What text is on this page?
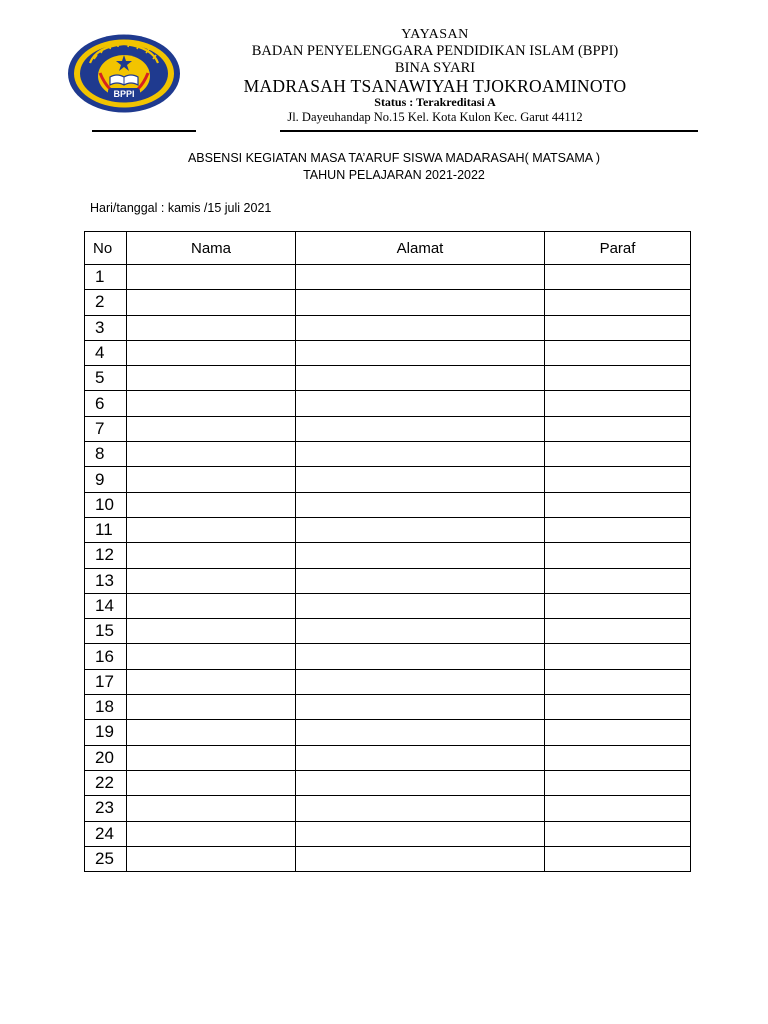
BPPI
YAYASAN
BADAN PENYELENGGARA PENDIDIKAN ISLAM (BPPI)
BINA SYARI
MADRASAH TSANAWIYAH TJOKROAMINOTO
Status : Terakreditasi A
Jl. Dayeuhandap No.15 Kel. Kota Kulon Kec. Garut 44112
ABSENSI KEGIATAN MASA TA’ARUF SISWA MADARASAH( MATSAMA )
TAHUN PELAJARAN 2021-2022
Hari/tanggal : kamis /15 juli 2021
No	Nama	Alamat	Paraf
1			
2			
3			
4			
5			
6			
7			
8			
9			
10			
11			
12			
13			
14			
15			
16			
17			
18			
19			
20			
22			
23			
24			
25			
